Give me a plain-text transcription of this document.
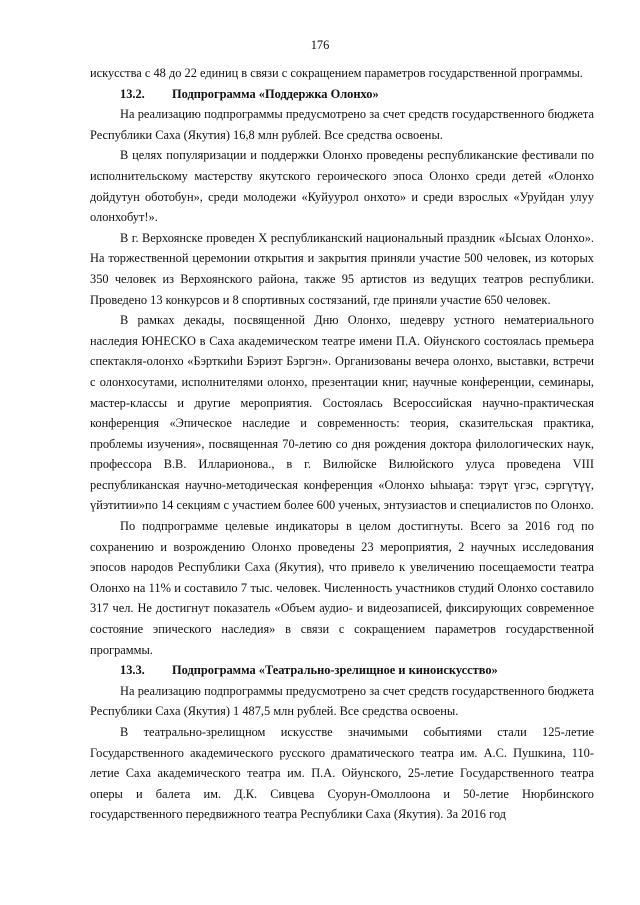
176

искусства с 48 до 22 единиц в связи с сокращением параметров государственной программы.

13.2. Подпрограмма «Поддержка Олонхо»

На реализацию подпрограммы предусмотрено за счет средств государственного бюджета Республики Саха (Якутия) 16,8 млн рублей. Все средства освоены.

В целях популяризации и поддержки Олонхо проведены республиканские фестивали по исполнительскому мастерству якутского героического эпоса Олонхо среди детей «Олонхо дойдутун оботобун», среди молодежи «Куйуурол онхото» и среди взрослых «Уруйдан улуу олонхобут!».

В г. Верхоянске проведен X республиканский национальный праздник «Ысыах Олонхо». На торжественной церемонии открытия и закрытия приняли участие 500 человек, из которых 350 человек из Верхоянского района, также 95 артистов из ведущих театров республики. Проведено 13 конкурсов и 8 спортивных состязаний, где приняли участие 650 человек.

В рамках декады, посвященной Дню Олонхо, шедевру устного нематериального наследия ЮНЕСКО в Саха академическом театре имени П.А. Ойунского состоялась премьера спектакля-олонхо «Бэрткиhи Бэриэт Бэргэн». Организованы вечера олонхо, выставки, встречи с олонхосутами, исполнителями олонхо, презентации книг, научные конференции, семинары, мастер-классы и другие мероприятия. Состоялась Всероссийская научно-практическая конференция «Эпическое наследие и современность: теория, сказительская практика, проблемы изучения», посвященная 70-летию со дня рождения доктора филологических наук, профессора В.В. Илларионова., в г. Вилюйске Вилюйского улуса проведена VIII республиканская научно-методическая конференция «Олонхо ыhыаҕа: тэрүт үгэс, сэргүтүү, үйэтитии»по 14 секциям с участием более 600 ученых, энтузиастов и специалистов по Олонхо.

По подпрограмме целевые индикаторы в целом достигнуты. Всего за 2016 год по сохранению и возрождению Олонхо проведены 23 мероприятия, 2 научных исследования эпосов народов Республики Саха (Якутия), что привело к увеличению посещаемости театра Олонхо на 11% и составило 7 тыс. человек. Численность участников студий Олонхо составило 317 чел. Не достигнут показатель «Объем аудио- и видеозаписей, фиксирующих современное состояние эпического наследия» в связи с сокращением параметров государственной программы.

13.3. Подпрограмма «Театрально-зрелищное и киноискусство»

На реализацию подпрограммы предусмотрено за счет средств государственного бюджета Республики Саха (Якутия) 1 487,5 млн рублей. Все средства освоены.

В театрально-зрелищном искусстве значимыми событиями стали 125-летие Государственного академического русского драматического театра им. А.С. Пушкина, 110-летие Саха академического театра им. П.А. Ойунского, 25-летие Государственного театра оперы и балета им. Д.К. Сивцева Суорун-Омоллоона и 50-летие Нюрбинского государственного передвижного театра Республики Саха (Якутия). За 2016 год
